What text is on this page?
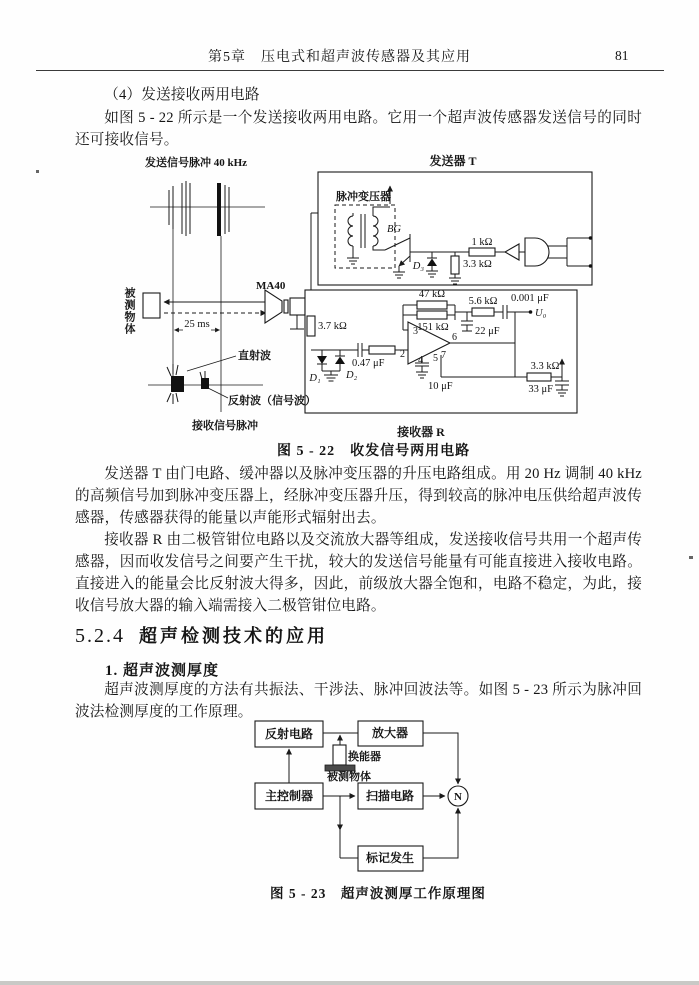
第5章　压电式和超声波传感器及其应用	81
（4）发送接收两用电路
如图 5 - 22 所示是一个发送接收两用电路。它用一个超声波传感器发送信号的同时还可接收信号。
发送信号脉冲 40 kHz
25 ms
MA40
发送器 T
脉冲变压器
BG
D₃	3.3 kΩ
1 kΩ
接收器 R
3.7 kΩ
D₁ D₂
0.47 μF
3
2
6
4 5 7
47 kΩ
151 kΩ
5.6 kΩ 0.001 μF
U₀
22 μF
10 μF
3.3 kΩ
33 μF
直射波
反射波（信号波）
接收信号脉冲
被测物体
图 5 - 22　收发信号两用电路
发送器 T 由门电路、缓冲器以及脉冲变压器的升压电路组成。用 20 Hz 调制 40 kHz 的高频信号加到脉冲变压器上，经脉冲变压器升压，得到较高的脉冲电压供给超声波传感器，传感器获得的能量以声能形式辐射出去。
接收器 R 由二极管钳位电路以及交流放大器等组成，发送接收信号共用一个超声传感器，因而收发信号之间要产生干扰，较大的发送信号能量有可能直接进入接收电路。直接进入的能量会比反射波大得多，因此，前级放大器全饱和，电路不稳定，为此，接收信号放大器的输入端需接入二极管钳位电路。
5.2.4 超声检测技术的应用
1. 超声波测厚度
超声波测厚度的方法有共振法、干涉法、脉冲回波法等。如图 5 - 23 所示为脉冲回波法检测厚度的工作原理。
反射电路	放大器
主控制器	扫描电路
标记发生
N
换能器
被测物体
图 5 - 23　超声波测厚工作原理图
